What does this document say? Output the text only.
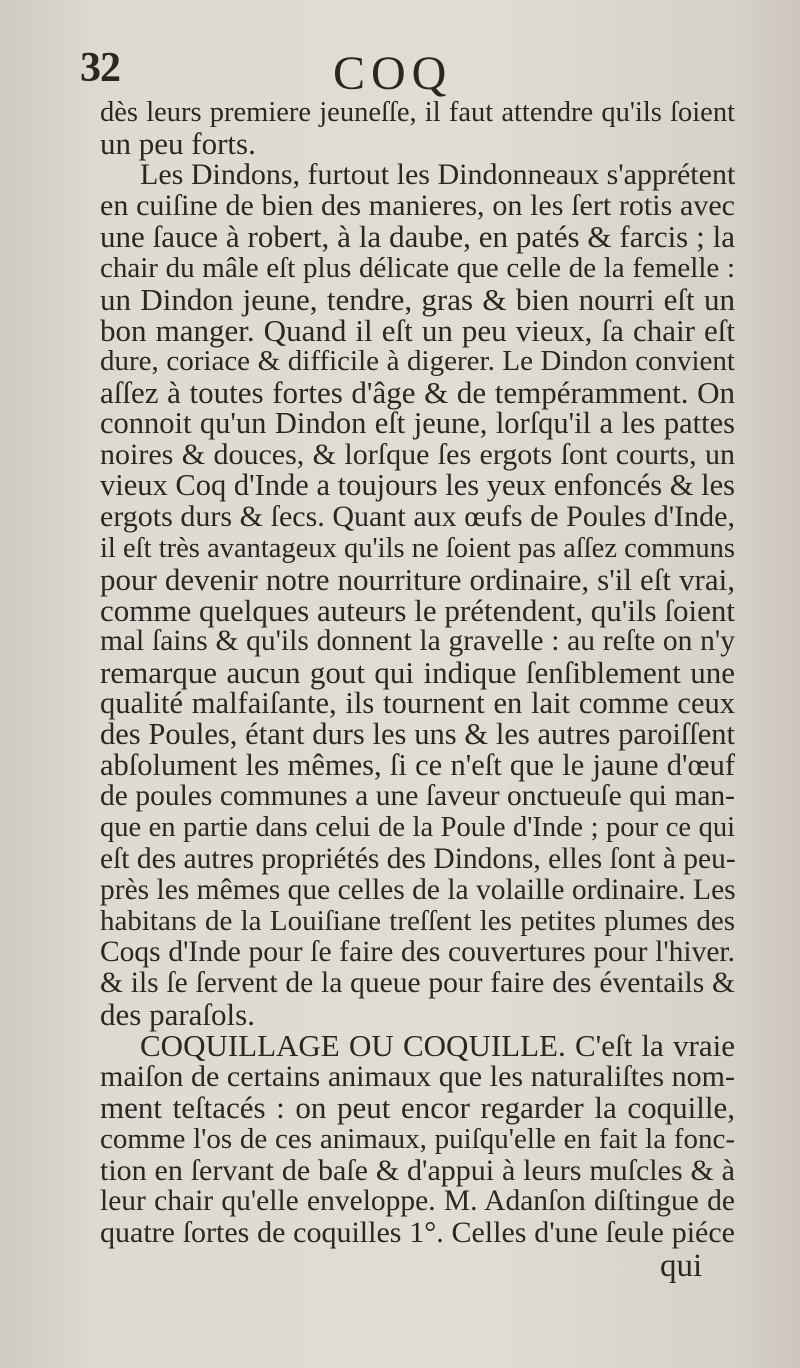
32	COQ
dès leurs premiere jeuneſſe, il faut attendre qu'ils ſoient
un peu forts.
Les Dindons, furtout les Dindonneaux s'apprétent
en cuiſine de bien des manieres, on les ſert rotis avec
une ſauce à robert, à la daube, en patés & farcis ; la
chair du mâle eſt plus délicate que celle de la femelle :
un Dindon jeune, tendre, gras & bien nourri eſt un
bon manger. Quand il eſt un peu vieux, ſa chair eſt
dure, coriace & difficile à digerer. Le Dindon convient
aſſez à toutes fortes d'âge & de tempéramment. On
connoit qu'un Dindon eſt jeune, lorſqu'il a les pattes
noires & douces, & lorſque ſes ergots ſont courts, un
vieux Coq d'Inde a toujours les yeux enfoncés & les
ergots durs & ſecs. Quant aux œufs de Poules d'Inde,
il eſt très avantageux qu'ils ne ſoient pas aſſez communs
pour devenir notre nourriture ordinaire, s'il eſt vrai,
comme quelques auteurs le prétendent, qu'ils ſoient
mal ſains & qu'ils donnent la gravelle : au reſte on n'y
remarque aucun gout qui indique ſenſiblement une
qualité malfaiſante, ils tournent en lait comme ceux
des Poules, étant durs les uns & les autres paroiſſent
abſolument les mêmes, ſi ce n'eſt que le jaune d'œuf
de poules communes a une ſaveur onctueuſe qui man-
que en partie dans celui de la Poule d'Inde ; pour ce qui
eſt des autres propriétés des Dindons, elles ſont à peu-
près les mêmes que celles de la volaille ordinaire. Les
habitans de la Louiſiane treſſent les petites plumes des
Coqs d'Inde pour ſe faire des couvertures pour l'hiver.
& ils ſe ſervent de la queue pour faire des éventails &
des paraſols.
COQUILLAGE OU COQUILLE. C'eſt la vraie
maiſon de certains animaux que les naturaliſtes nom-
ment teſtacés : on peut encor regarder la coquille,
comme l'os de ces animaux, puiſqu'elle en fait la fonc-
tion en ſervant de baſe & d'appui à leurs muſcles & à
leur chair qu'elle enveloppe. M. Adanſon diſtingue de
quatre ſortes de coquilles 1°. Celles d'une ſeule piéce
qui
